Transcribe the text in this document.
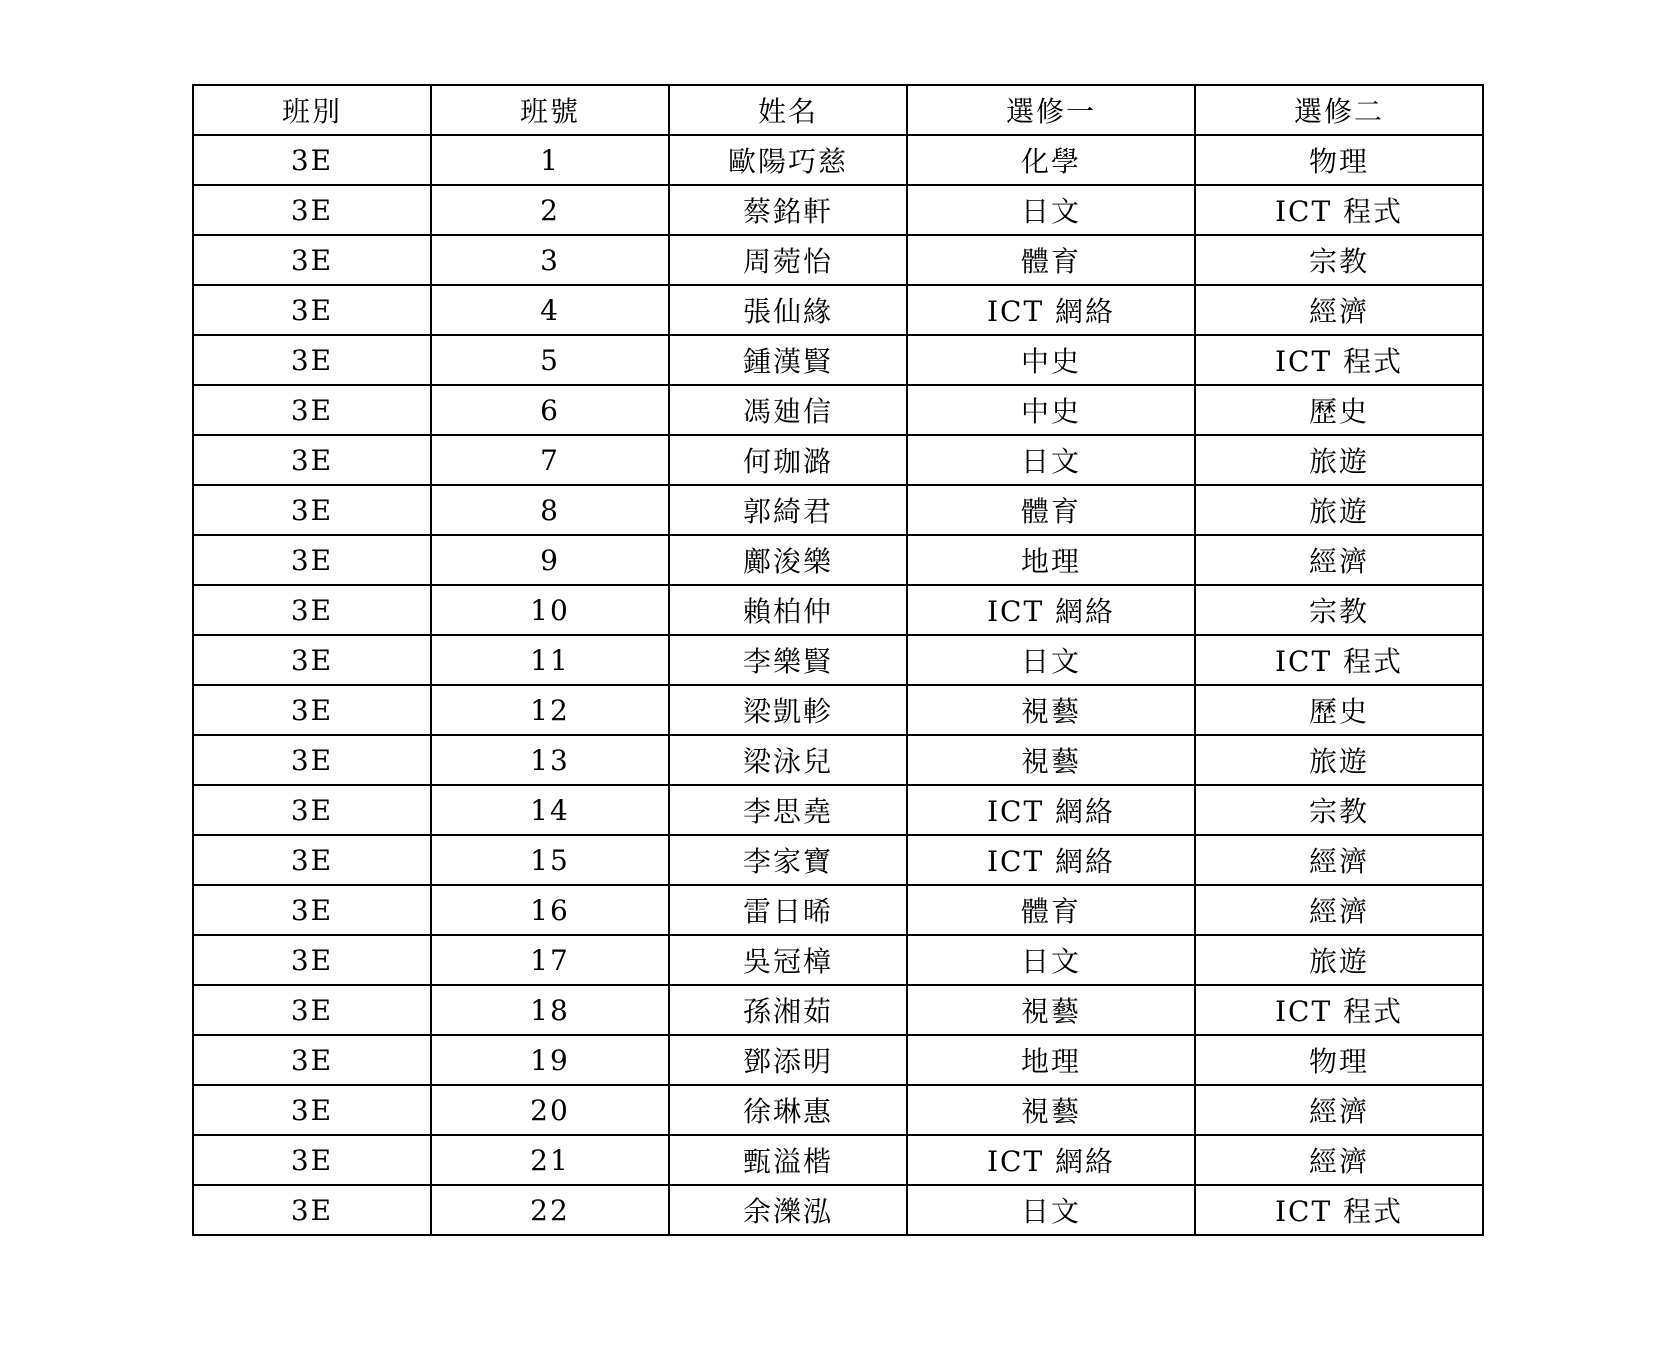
班別	班號	姓名	選修一	選修二
3E	1	歐陽巧慈	化學	物理
3E	2	蔡銘軒	日文	ICT 程式
3E	3	周菀怡	體育	宗教
3E	4	張仙緣	ICT 網絡	經濟
3E	5	鍾漢賢	中史	ICT 程式
3E	6	馮廸信	中史	歷史
3E	7	何珈潞	日文	旅遊
3E	8	郭綺君	體育	旅遊
3E	9	鄺浚樂	地理	經濟
3E	10	賴柏仲	ICT 網絡	宗教
3E	11	李樂賢	日文	ICT 程式
3E	12	梁凱軫	視藝	歷史
3E	13	梁泳兒	視藝	旅遊
3E	14	李思堯	ICT 網絡	宗教
3E	15	李家寶	ICT 網絡	經濟
3E	16	雷日晞	體育	經濟
3E	17	吳冠樟	日文	旅遊
3E	18	孫湘茹	視藝	ICT 程式
3E	19	鄧添明	地理	物理
3E	20	徐琳惠	視藝	經濟
3E	21	甄溢楷	ICT 網絡	經濟
3E	22	余濼泓	日文	ICT 程式
